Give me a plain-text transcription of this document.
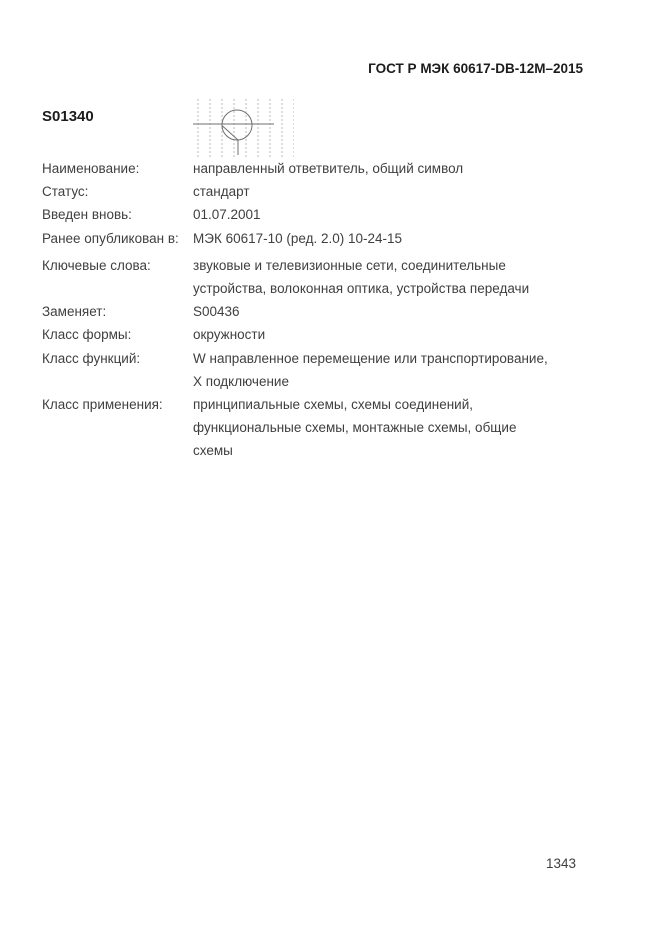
ГОСТ Р МЭК 60617-DB-12M–2015
S01340
Наименование:	направленный ответвитель, общий символ
Статус:	стандарт
Введен вновь:	01.07.2001
Ранее опубликован в:	МЭК 60617-10 (ред. 2.0) 10-24-15
Ключевые слова:	звуковые и телевизионные сети, соединительные
устройства, волоконная оптика, устройства передачи
Заменяет:	S00436
Класс формы:	окружности
Класс функций:	W направленное перемещение или транспортирование,
X подключение
Класс применения:	принципиальные схемы, схемы соединений,
функциональные схемы, монтажные схемы, общие
схемы
1343
